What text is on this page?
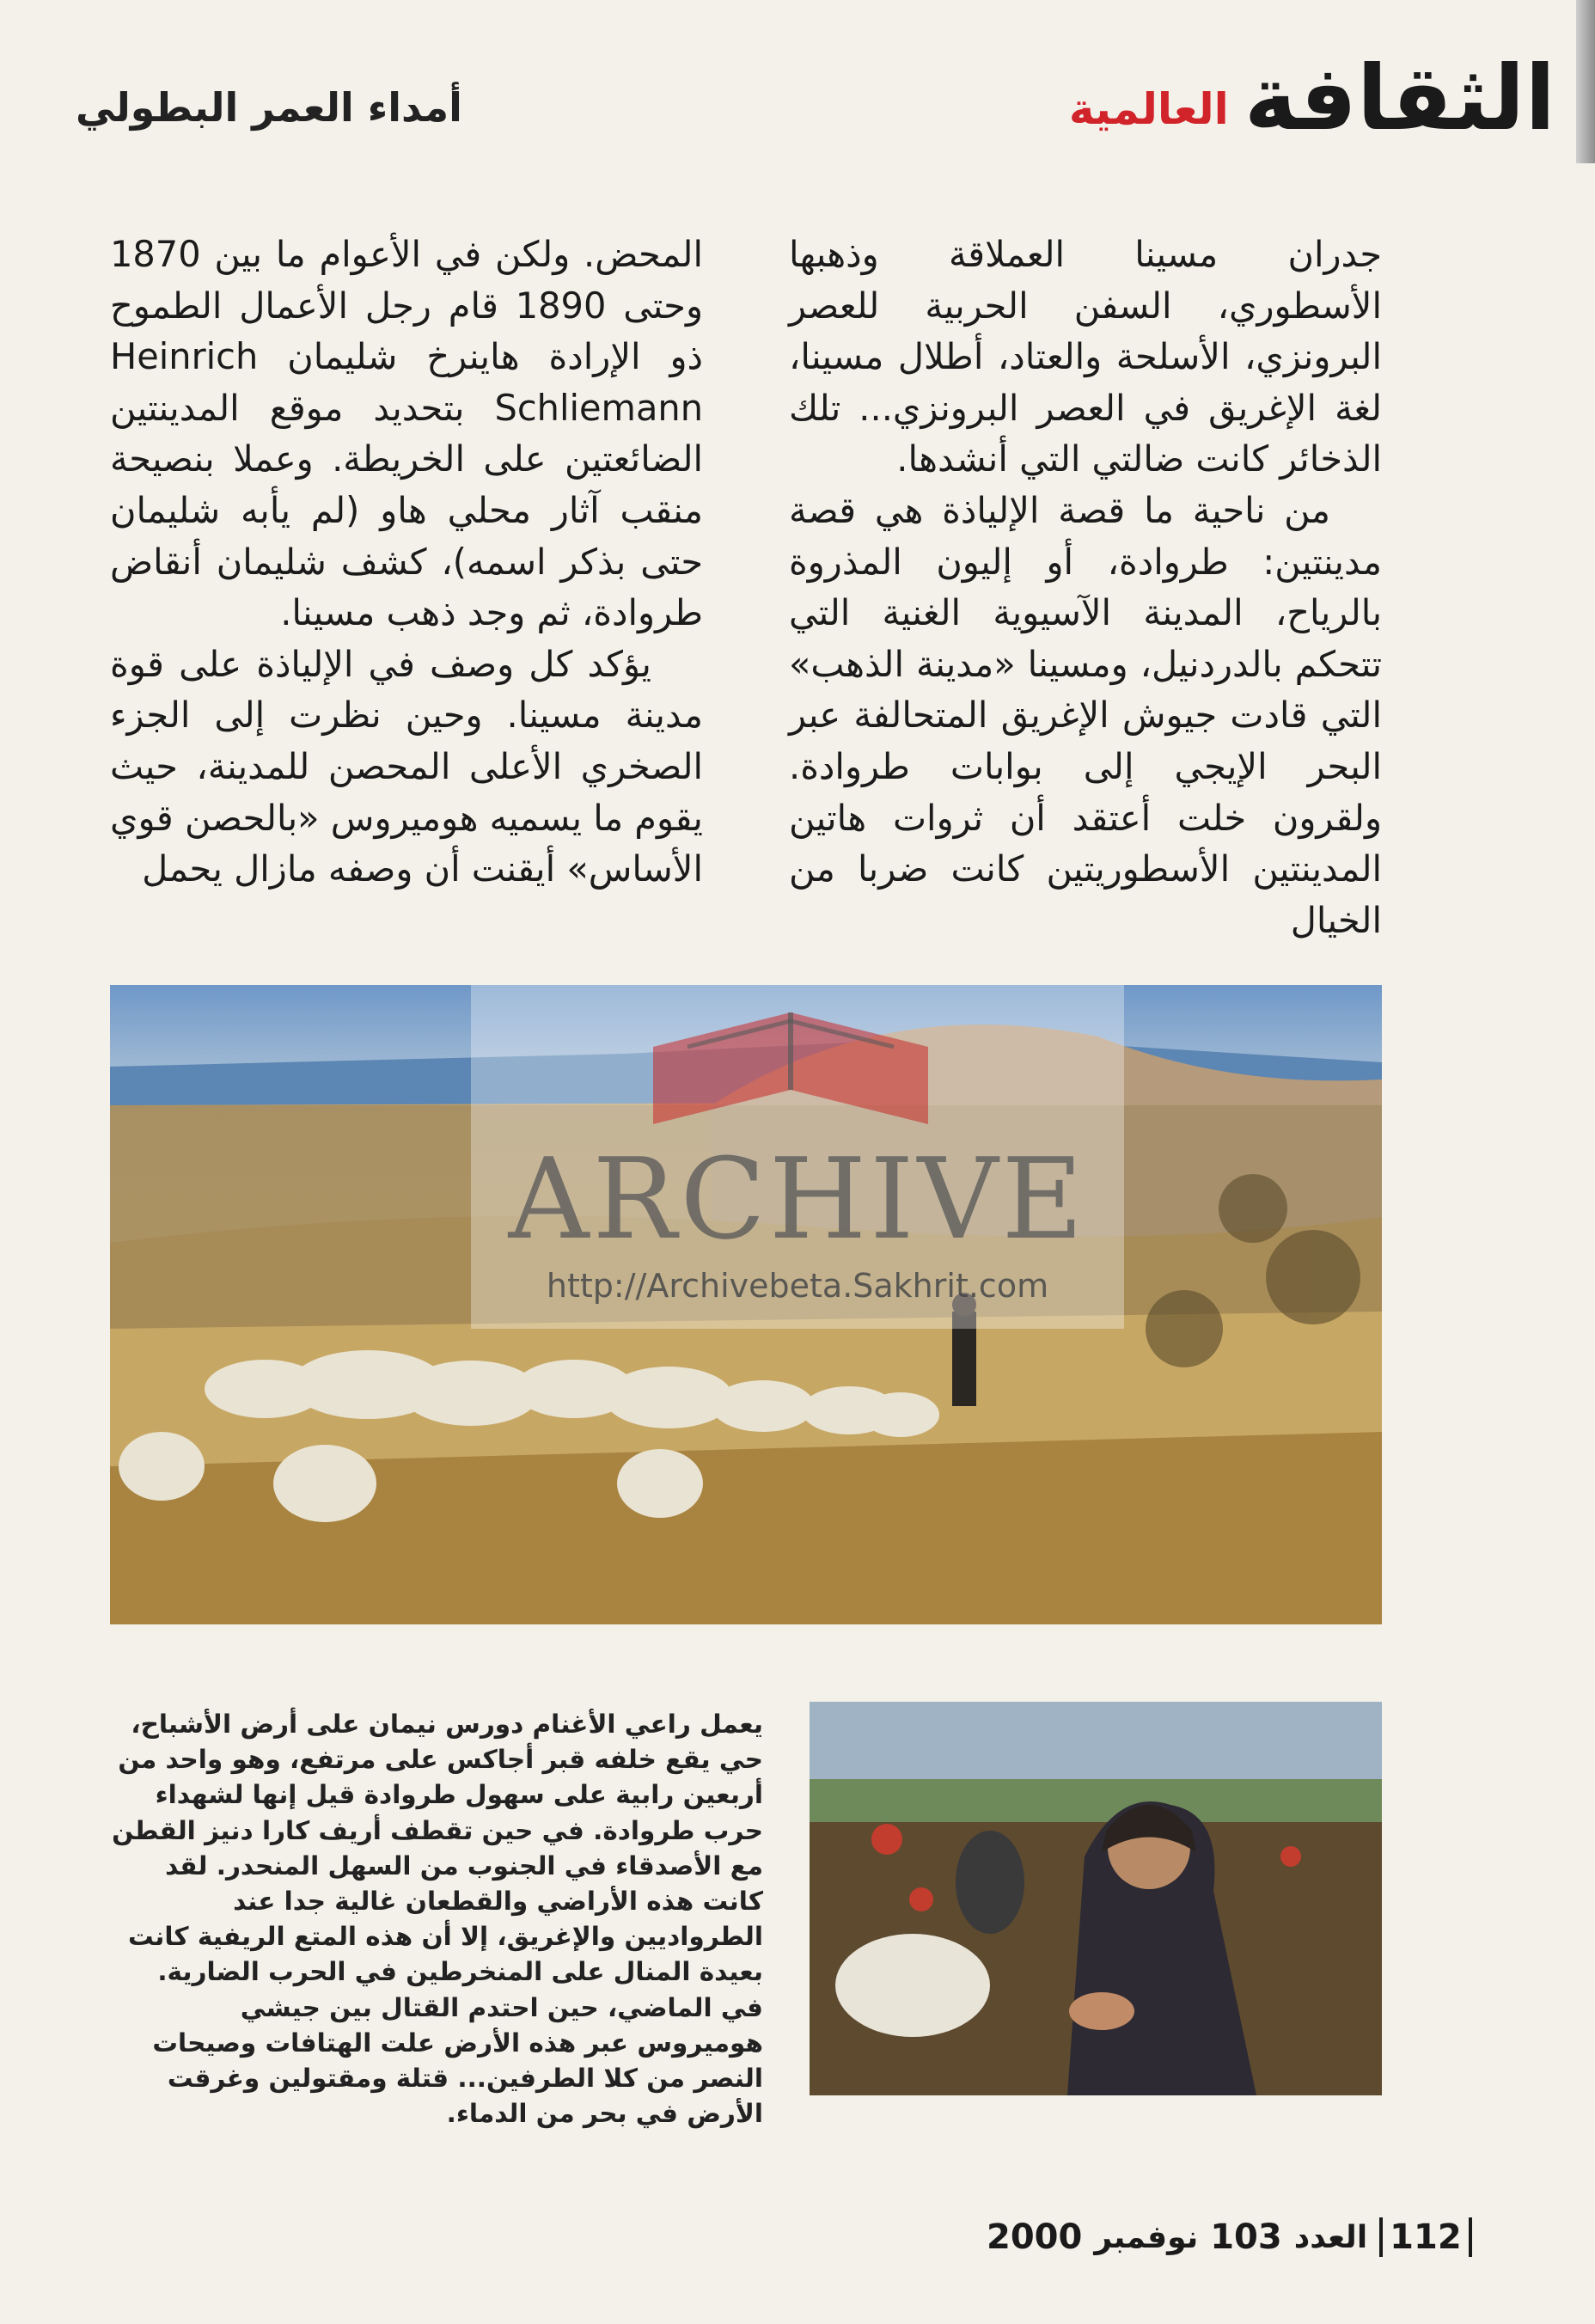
الثقافة
العالمية
أمداء العمر البطولي

جدران مسينا العملاقة وذهبها الأسطوري، السفن الحربية للعصر البرونزي، الأسلحة والعتاد، أطلال مسينا، لغة الإغريق في العصر البرونزي... تلك الذخائر كانت ضالتي التي أنشدها.

من ناحية ما قصة الإلياذة هي قصة مدينتين: طروادة، أو إليون المذروة بالرياح، المدينة الآسيوية الغنية التي تتحكم بالدردنيل، ومسينا «مدينة الذهب» التي قادت جيوش الإغريق المتحالفة عبر البحر الإيجي إلى بوابات طروادة. ولقرون خلت أعتقد أن ثروات هاتين المدينتين الأسطوريتين كانت ضربا من الخيال

المحض. ولكن في الأعوام ما بين 1870 وحتى 1890 قام رجل الأعمال الطموح ذو الإرادة هاينرخ شليمان Heinrich Schliemann بتحديد موقع المدينتين الضائعتين على الخريطة. وعملا بنصيحة منقب آثار محلي هاو (لم يأبه شليمان حتى بذكر اسمه)، كشف شليمان أنقاض طروادة، ثم وجد ذهب مسينا.

يؤكد كل وصف في الإلياذة على قوة مدينة مسينا. وحين نظرت إلى الجزء الصخري الأعلى المحصن للمدينة، حيث يقوم ما يسميه هوميروس «بالحصن قوي الأساس» أيقنت أن وصفه مازال يحمل

ARCHIVE
http://Archivebeta.Sakhrit.com
يعمل راعي الأغنام دورس نيمان على أرض الأشباح، حي يقع خلفه قبر أجاكس على مرتفع، وهو واحد من أربعين رابية على سهول طروادة قيل إنها لشهداء حرب طروادة. في حين تقطف أريف كارا دنيز القطن مع الأصدقاء في الجنوب من السهل المنحدر. لقد كانت هذه الأراضي والقطعان غالية جدا عند الطرواديين والإغريق، إلا أن هذه المتع الريفية كانت بعيدة المنال على المنخرطين في الحرب الضارية. في الماضي، حين احتدم القتال بين جيشي هوميروس عبر هذه الأرض علت الهتافات وصيحات النصر من كلا الطرفين... قتلة ومقتولين وغرقت الأرض في بحر من الدماء.
112
العدد
103
نوفمبر
2000
